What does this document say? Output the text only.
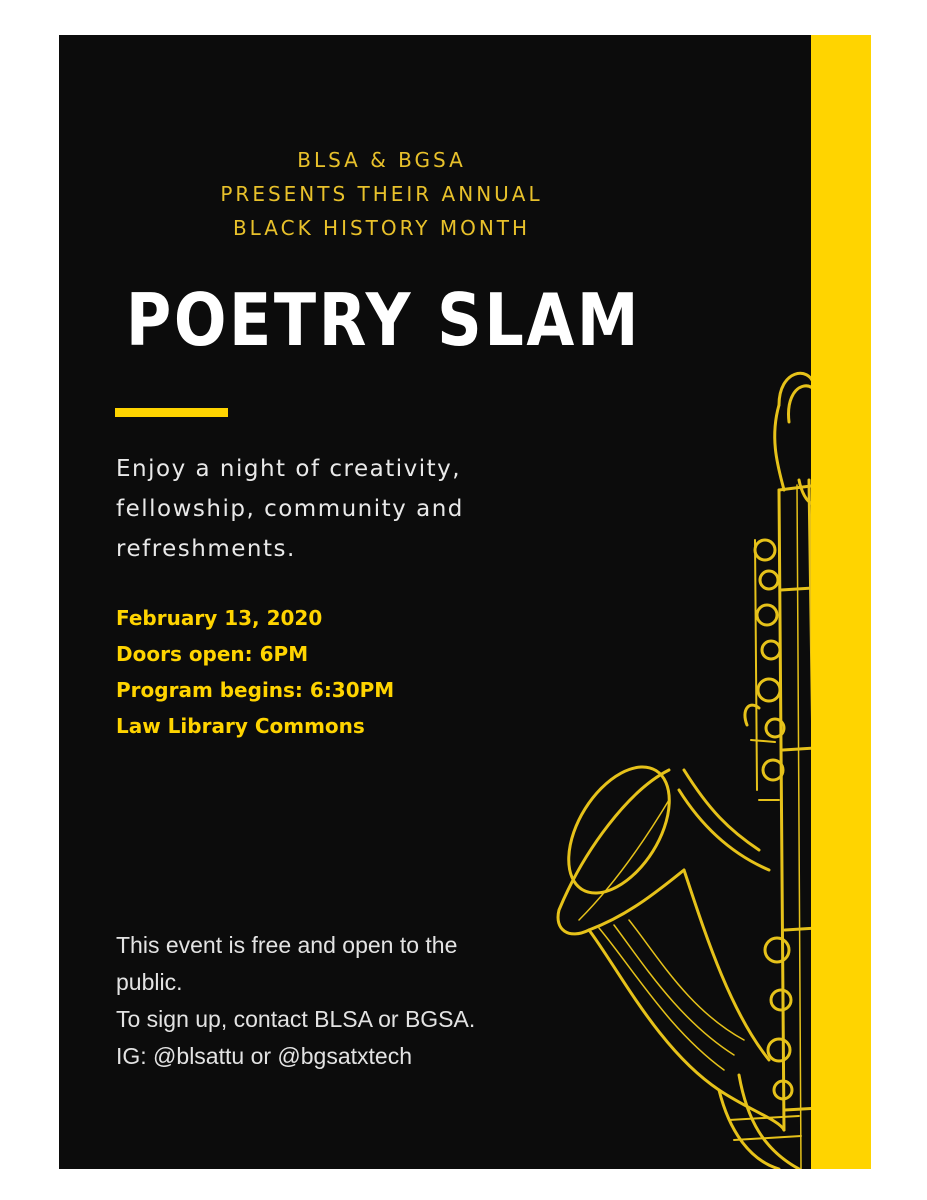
BLSA & BGSA
PRESENTS THEIR ANNUAL
BLACK HISTORY MONTH
POETRY SLAM
Enjoy a night of creativity,
fellowship, community and
refreshments.
February 13, 2020
Doors open: 6PM
Program begins: 6:30PM
Law Library Commons
This event is free and open to the
public.
To sign up, contact BLSA or BGSA.
IG: @blsattu or @bgsatxtech
